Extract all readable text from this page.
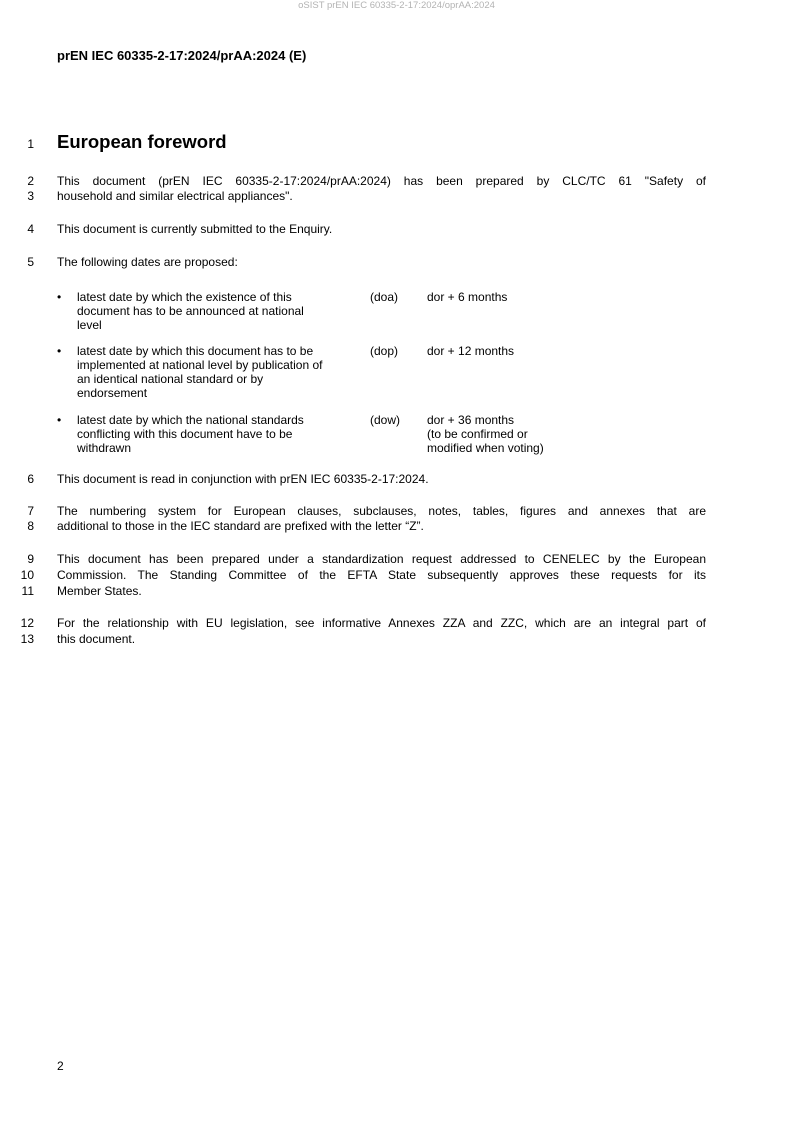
oSIST prEN IEC 60335-2-17:2024/oprAA:2024
prEN IEC 60335-2-17:2024/prAA:2024 (E)
1 European foreword
2
3

This document (prEN IEC 60335-2-17:2024/prAA:2024) has been prepared by CLC/TC 61 "Safety of

household and similar electrical appliances".

4 This document is currently submitted to the Enquiry.

5 The following dates are proposed:

• latest date by which the existence of this
document has to be announced at national
level
(doa) dor + 6 months
• latest date by which this document has to be
implemented at national level by publication of
an identical national standard or by
endorsement
(dop) dor + 12 months
• latest date by which the national standards
conflicting with this document have to be
withdrawn
(dow) dor + 36 months
(to be confirmed or
modified when voting)
6 This document is read in conjunction with prEN IEC 60335-2-17:2024.

7
8

The numbering system for European clauses, subclauses, notes, tables, figures and annexes that are

additional to those in the IEC standard are prefixed with the letter “Z”.

9
10
11

This document has been prepared under a standardization request addressed to CENELEC by the European

Commission. The Standing Committee of the EFTA State subsequently approves these requests for its

Member States.

12
13

For the relationship with EU legislation, see informative Annexes ZZA and ZZC, which are an integral part of

this document.

2
